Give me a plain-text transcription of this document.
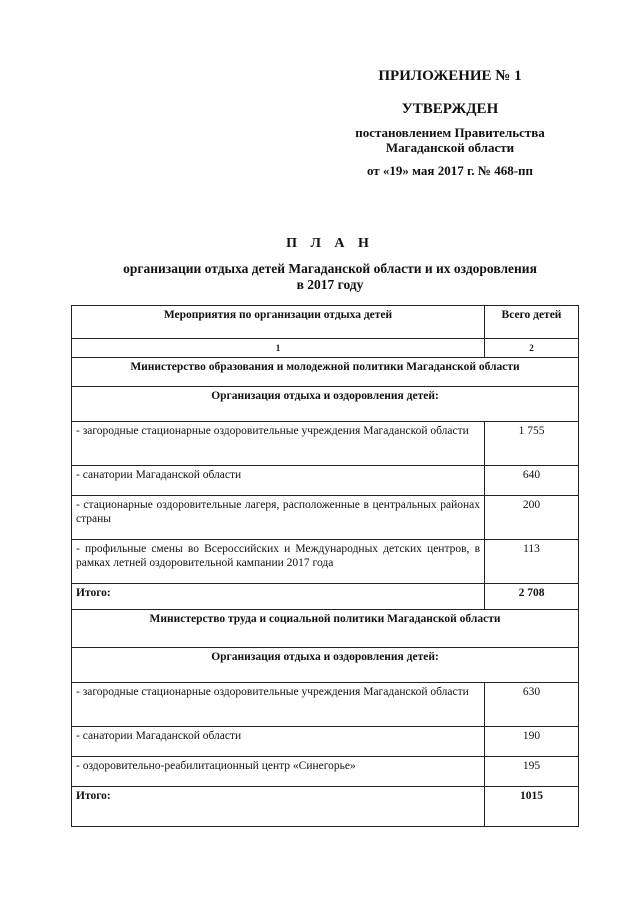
ПРИЛОЖЕНИЕ № 1
УТВЕРЖДЕН
постановлением Правительства
Магаданской области
от «19» мая 2017 г. № 468-пп
П Л А Н
организации отдыха детей Магаданской области и их оздоровления
в 2017 году
Мероприятия по организации отдыха детей	Всего детей
1	2
Министерство образования и молодежной политики Магаданской области	
Организация отдыха и оздоровления детей:	
- загородные стационарные оздоровительные учреждения Магаданской области	1 755
- санатории Магаданской области	640
- стационарные оздоровительные лагеря, расположенные в центральных районах страны	200
- профильные смены во Всероссийских и Международных детских центров, в рамках летней оздоровительной кампании 2017 года	113
Итого:	2 708
Министерство труда и социальной политики Магаданской области	
Организация отдыха и оздоровления детей:	
- загородные стационарные оздоровительные учреждения Магаданской области	630
- санатории Магаданской области	190
- оздоровительно-реабилитационный центр «Синегорье»	195
Итого:	1015
